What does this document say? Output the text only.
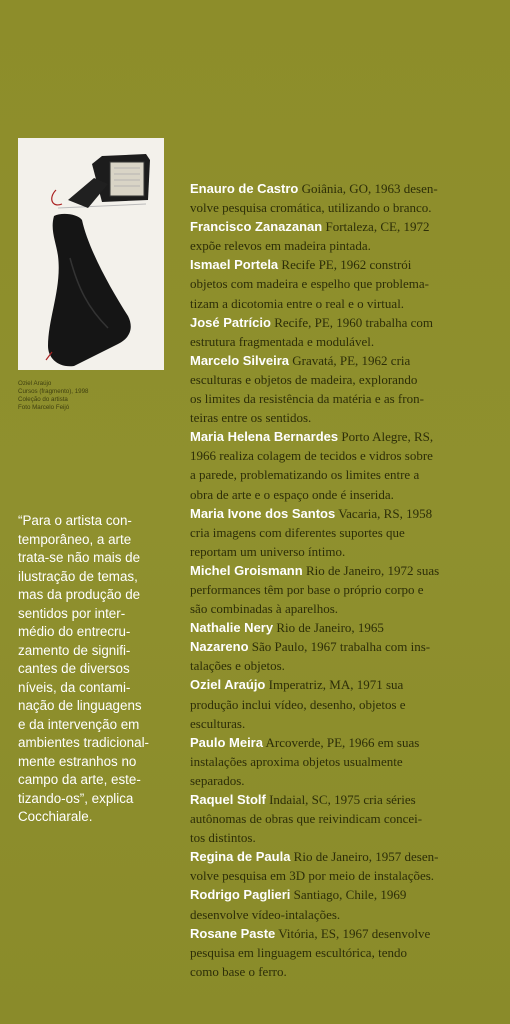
Oziel Araújo
Cursos (fragmento), 1998
Coleção do artista
Foto Marcelo Feijó
“Para o artista con-
temporâneo, a arte
trata-se não mais de
ilustração de temas,
mas da produção de
sentidos por inter-
médio do entrecru-
zamento de signifi-
cantes de diversos
níveis, da contami-
nação de linguagens
e da intervenção em
ambientes tradicional-
mente estranhos no
campo da arte, este-
tizando-os”, explica
Cocchiarale.
Enauro de Castro Goiânia, GO, 1963 desen-
volve pesquisa cromática, utilizando o branco.
Francisco Zanazanan Fortaleza, CE, 1972
expõe relevos em madeira pintada.
Ismael Portela Recife PE, 1962 constrói
objetos com madeira e espelho que problema-
tizam a dicotomia entre o real e o virtual.
José Patrício Recife, PE, 1960 trabalha com
estrutura fragmentada e modulável.
Marcelo Silveira Gravatá, PE, 1962 cria
esculturas e objetos de madeira, explorando
os limites da resistência da matéria e as fron-
teiras entre os sentidos.
Maria Helena Bernardes Porto Alegre, RS,
1966 realiza colagem de tecidos e vidros sobre
a parede, problematizando os limites entre a
obra de arte e o espaço onde é inserida.
Maria Ivone dos Santos Vacaria, RS, 1958
cria imagens com diferentes suportes que
reportam um universo íntimo.
Michel Groismann Rio de Janeiro, 1972 suas
performances têm por base o próprio corpo e
são combinadas à aparelhos.
Nathalie Nery Rio de Janeiro, 1965
Nazareno São Paulo, 1967 trabalha com ins-
talações e objetos.
Oziel Araújo Imperatriz, MA, 1971 sua
produção inclui vídeo, desenho, objetos e
esculturas.
Paulo Meira Arcoverde, PE, 1966 em suas
instalações aproxima objetos usualmente
separados.
Raquel Stolf Indaial, SC, 1975 cria séries
autônomas de obras que reivindicam concei-
tos distintos.
Regina de Paula Rio de Janeiro, 1957 desen-
volve pesquisa em 3D por meio de instalações.
Rodrigo Paglieri Santiago, Chile, 1969
desenvolve vídeo-intalações.
Rosane Paste Vitória, ES, 1967 desenvolve
pesquisa em linguagem escultórica, tendo
como base o ferro.
